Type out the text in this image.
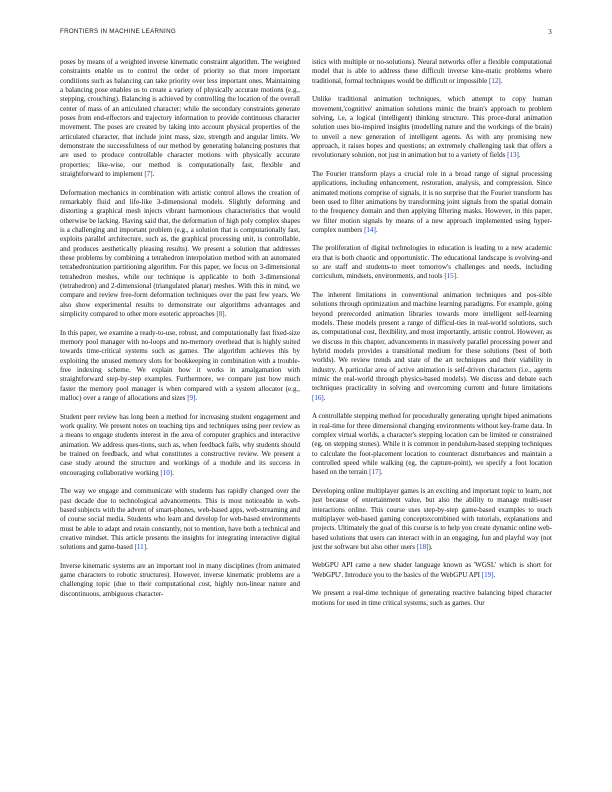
FRONTIERS IN MACHINE LEARNING	3

poses by means of a weighted inverse kinematic constraint algorithm. The weighted constraints enable us to control the order of priority so that more important conditions such as balancing can take priority over less important ones. Maintaining a balancing pose enables us to create a variety of physically accurate motions (e.g., stepping, crouching). Balancing is achieved by controlling the location of the overall center of mass of an articulated character; while the secondary constraints generate poses from end-effectors and trajectory information to provide continuous character movement. The poses are created by taking into account physical properties of the articulated character, that include joint mass, size, strength and angular limits. We demonstrate the successfulness of our method by generating balancing postures that are used to produce controllable character motions with physically accurate properties; like-wise, our method is computationally fast, flexible and straightforward to implement [7].

Deformation mechanics in combination with artistic control allows the creation of remarkably fluid and life-like 3-dimensional models. Slightly deforming and distorting a graphical mesh injects vibrant harmonious characteristics that would otherwise be lacking. Having said that, the deformation of high poly complex shapes is a challenging and important problem (e.g., a solution that is computationally fast, exploits parallel architecture, such as, the graphical processing unit, is controllable, and produces aesthetically pleasing results). We present a solution that addresses these problems by combining a tetrahedron interpolation method with an automated tetrahedronization partitioning algorithm. For this paper, we focus on 3-dimensional tetrahedron meshes, while our technique is applicable to both 3-dimensional (tetrahedron) and 2-dimensional (triangulated planar) meshes. With this in mind, we compare and review free-form deformation techniques over the past few years. We also show experimental results to demonstrate our algorithms advantages and simplicity compared to other more esoteric approaches [8].

In this paper, we examine a ready-to-use, robust, and computationally fast fixed-size memory pool manager with no-loops and no-memory overhead that is highly suited towards time-critical systems such as games. The algorithm achieves this by exploiting the unused memory slots for bookkeeping in combination with a trouble-free indexing scheme. We explain how it works in amalgamation with straightforward step-by-step examples. Furthermore, we compare just how much faster the memory pool manager is when compared with a system allocator (e.g., malloc) over a range of allocations and sizes [9].

Student peer review has long been a method for increasing student engagement and work quality. We present notes on teaching tips and techniques using peer review as a means to engage students interest in the area of computer graphics and interactive animation. We address ques-tions, such as, when feedback fails, why students should be trained on feedback, and what constitutes a constructive review. We present a case study around the structure and workings of a module and its success in encouraging collaborative working [10].

The way we engage and communicate with students has rapidly changed over the past decade due to technological advancements. This is most noticeable in web-based subjects with the advent of smart-phones, web-based apps, web-streaming and of course social media. Students who learn and develop for web-based environments must be able to adapt and retain constantly, not to mention, have both a technical and creative mindset. This article presents the insights for integrating interactive digital solutions and game-based [11].

Inverse kinematic systems are an important tool in many disciplines (from animated game characters to robotic structures). However, inverse kinematic problems are a challenging topic (due to their computational cost, highly non-linear nature and discontinuous, ambiguous character-

istics with multiple or no-solutions). Neural networks offer a flexible computational model that is able to address these difficult inverse kine-matic problems where traditional, formal techniques would be difficult or impossible [12].

Unlike traditional animation techniques, which attempt to copy human movement,'cognitive' animation solutions mimic the brain's approach to problem solving, i.e, a logical (intelligent) thinking structure. This proce-dural animation solution uses bio-inspired insights (modelling nature and the workings of the brain) to unveil a new generation of intelligent agents. As with any promising new approach, it raises hopes and questions; an extremely challenging task that offers a revolutionary solution, not just in animation but to a variety of fields [13].

The Fourier transform plays a crucial role in a broad range of signal processing applications, including enhancement, restoration, analysis, and compression. Since animated motions comprise of signals, it is no surprise that the Fourier transform has been used to filter animations by transforming joint signals from the spatial domain to the frequency domain and then applying filtering masks. However, in this paper, we filter motion signals by means of a new approach implemented using hyper-complex numbers [14].

The proliferation of digital technologies in education is leading to a new academic era that is both chaotic and opportunistic. The educational landscape is evolving-and so are staff and students-to meet tomorrow's challenges and needs, including curriculum, mindsets, environments, and tools [15].

The inherent limitations in conventional animation techniques and pos-sible solutions through optimization and machine learning paradigms. For example, going beyond prerecorded animation libraries towards more intelligent self-learning models. These models present a range of difficul-ties in real-world solutions, such as, computational cost, flexibility, and most importantly, artistic control. However, as we discuss in this chapter, advancements in massively parallel processing power and hybrid models provides a transitional medium for these solutions (best of both worlds). We review trends and state of the art techniques and their viability in industry. A particular area of active animation is self-driven characters (i.e., agents mimic the real-world through physics-based models). We discuss and debate each techniques practicality in solving and overcoming current and future limitations [16].

A controllable stepping method for procedurally generating upright biped animations in real-time for three dimensional changing environments without key-frame data. In complex virtual worlds, a character's stepping location can be limited or constrained (eg, on stepping stones). While it is common in pendulum-based stepping techniques to calculate the foot-placement location to counteract disturbances and maintain a controlled speed while walking (eg, the capture-point), we specify a foot location based on the terrain [17].

Developing online multiplayer games is an exciting and important topic to learn, not just because of entertainment value, but also the ability to manage multi-user interactions online. This course uses step-by-step game-based examples to teach multiplayer web-based gaming conceptsxcombined with tutorials, explanations and projects. Ultimately the goal of this course is to help you create dynamic online web-based solutions that users can interact with in an engaging, fun and playful way (not just the software but also other users [18]).

WebGPU API came a new shader language known as 'WGSL' which is short for 'WebGPU'. Introduce you to the basics of the WebGPU API [19].

We present a real-time technique of generating reactive balancing biped character motions for used in time critical systems, such as games. Our
